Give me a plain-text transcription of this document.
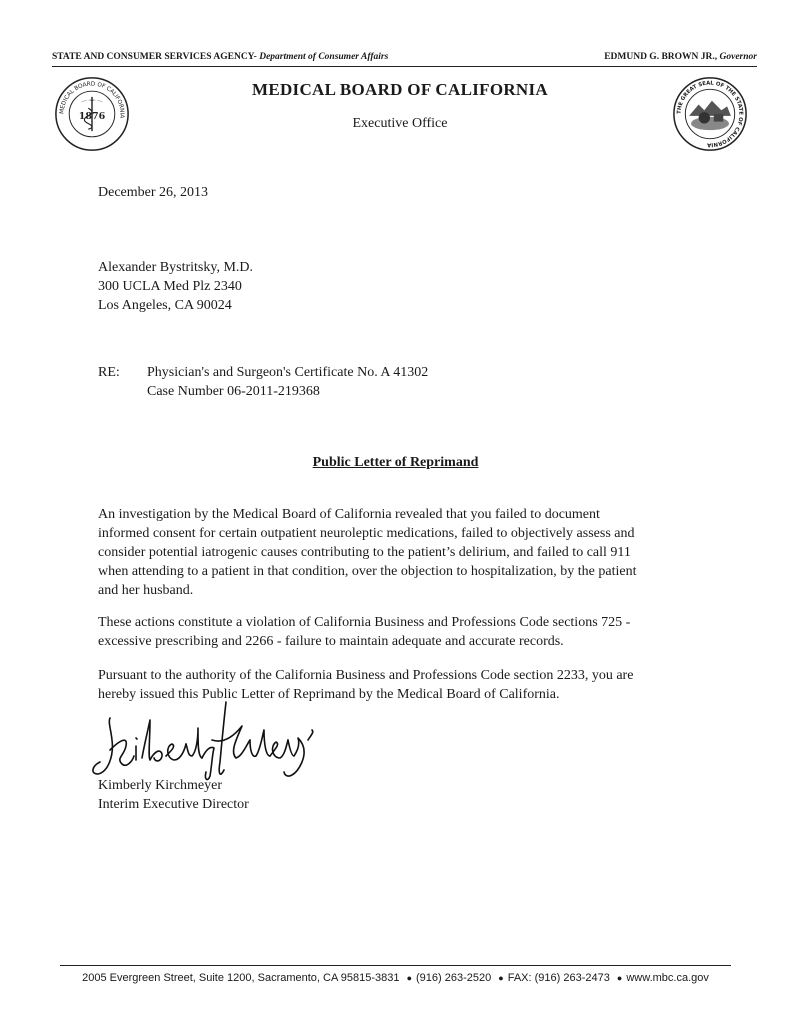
STATE AND CONSUMER SERVICES AGENCY- Department of Consumer Affairs	EDMUND G. BROWN JR., Governor
MEDICAL BOARD OF CALIFORNIA
1876	THE GREAT SEAL OF THE STATE OF CALIFORNIA
MEDICAL BOARD OF CALIFORNIA
Executive Office
December 26, 2013
Alexander Bystritsky, M.D.
300 UCLA Med Plz 2340
Los Angeles, CA 90024
RE: Physician's and Surgeon's Certificate No. A 41302
Case Number 06-2011-219368
Public Letter of Reprimand
An investigation by the Medical Board of California revealed that you failed to document
informed consent for certain outpatient neuroleptic medications, failed to objectively assess and
consider potential iatrogenic causes contributing to the patient’s delirium, and failed to call 911
when attending to a patient in that condition, over the objection to hospitalization, by the patient
and her husband.
These actions constitute a violation of California Business and Professions Code sections 725 -
excessive prescribing and 2266 - failure to maintain adequate and accurate records.
Pursuant to the authority of the California Business and Professions Code section 2233, you are
hereby issued this Public Letter of Reprimand by the Medical Board of California.
Kimberly Kirchmeyer
Interim Executive Director
2005 Evergreen Street, Suite 1200, Sacramento, CA 95815-3831 ● (916) 263-2520 ● FAX: (916) 263-2473 ● www.mbc.ca.gov
